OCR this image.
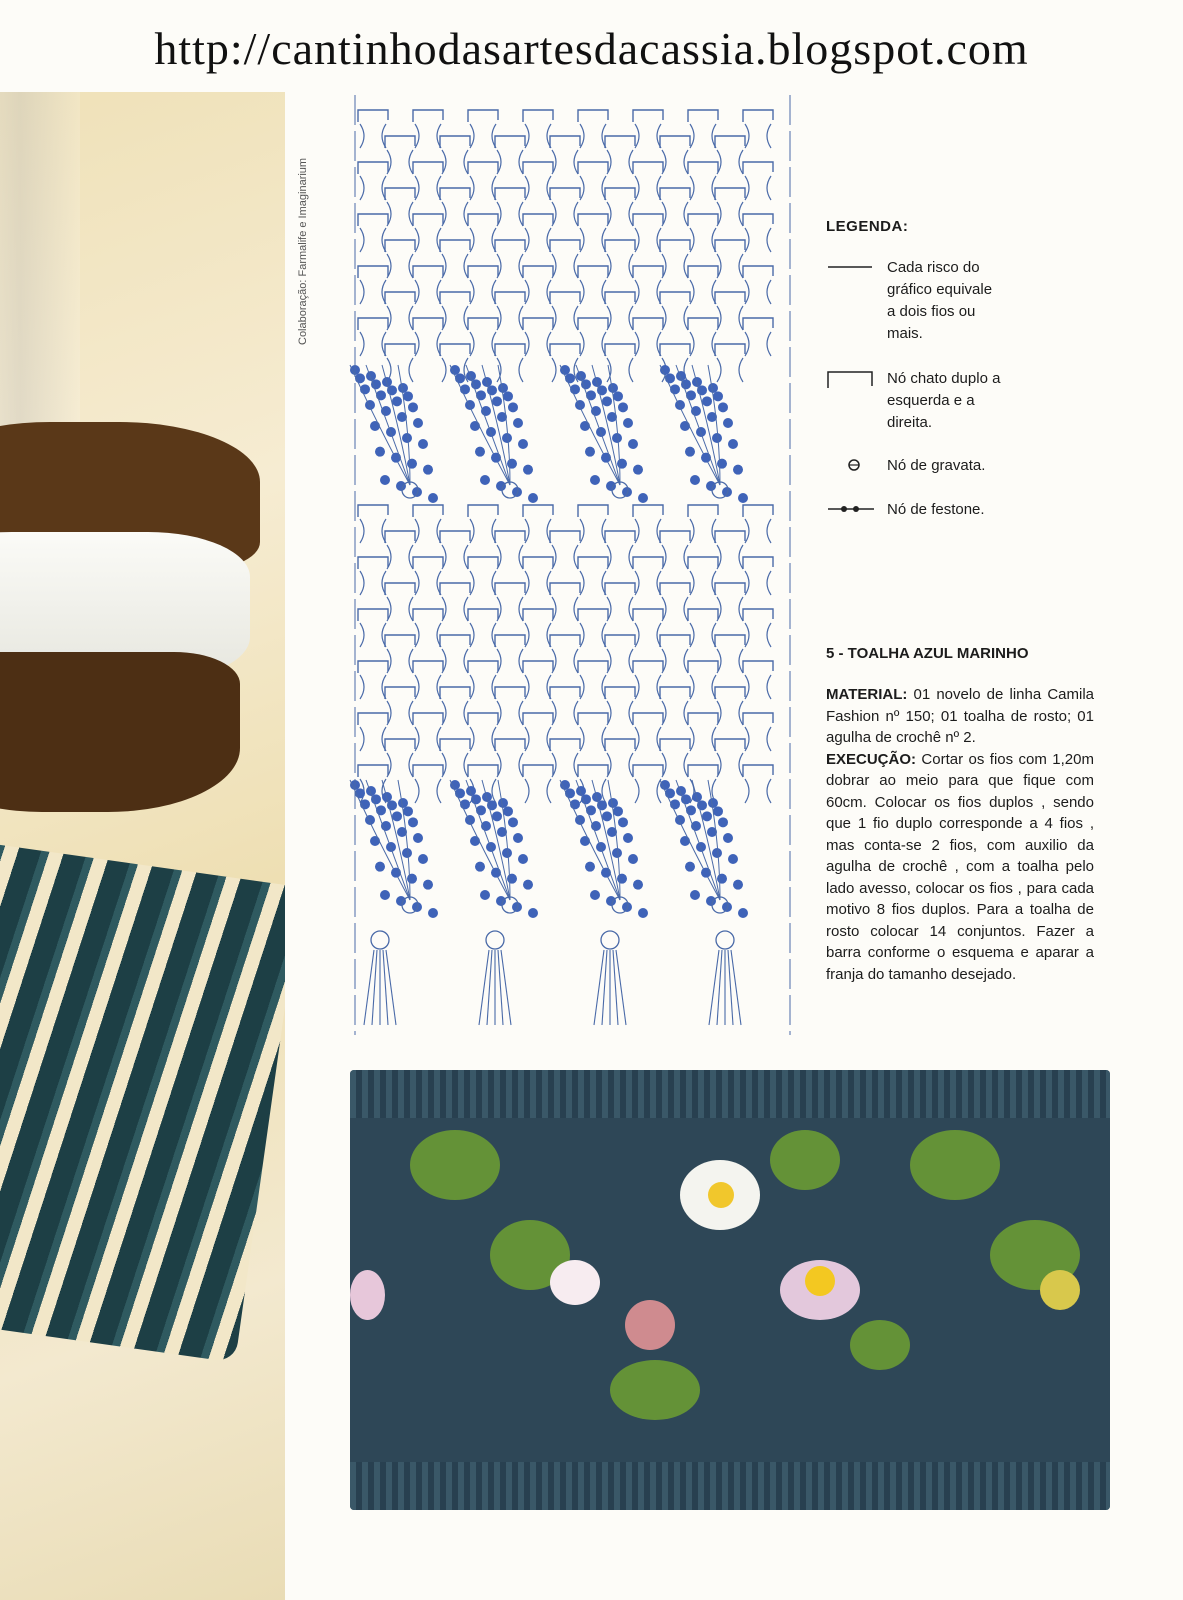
http://cantinhodasartesdacassia.blogspot.com
Colaboração: Farmalife e Imaginarium	LEGENDA:
Cada risco do gráfico equivale a dois fios ou mais.
Nó chato duplo a esquerda e a direita.
Nó de gravata.
Nó de festone.
5 - TOALHA AZUL MARINHO
MATERIAL: 01 novelo de linha Camila Fashion nº 150; 01 toalha de rosto; 01 agulha de crochê nº 2.
EXECUÇÃO: Cortar os fios com 1,20m dobrar ao meio para que fique com 60cm. Colocar os fios duplos , sendo que 1 fio duplo corresponde a 4 fios , mas conta-se 2 fios, com auxilio da agulha de crochê , com a toalha pelo lado avesso, colocar os fios , para cada motivo 8 fios duplos. Para a toalha de rosto colocar 14 conjuntos. Fazer a barra conforme o esquema e aparar a franja do tamanho desejado.
